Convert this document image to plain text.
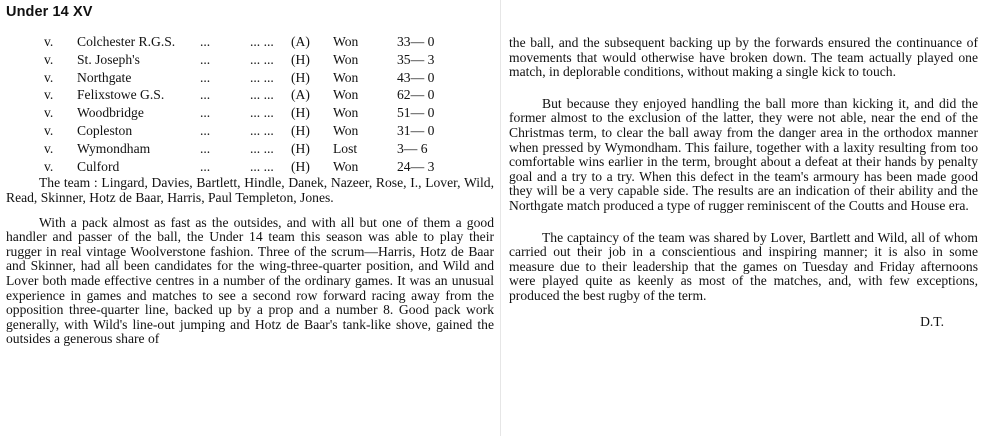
Under 14 XV
v.	Colchester R.G.S.	...	... ...	(A)	Won	33— 0
v.	St. Joseph's	...	... ...	(H)	Won	35— 3
v.	Northgate	...	... ...	(H)	Won	43— 0
v.	Felixstowe G.S.	...	... ...	(A)	Won	62— 0
v.	Woodbridge	...	... ...	(H)	Won	51— 0
v.	Copleston	...	... ...	(H)	Won	31— 0
v.	Wymondham	...	... ...	(H)	Lost	3— 6
v.	Culford	...	... ...	(H)	Won	24— 3

The team : Lingard, Davies, Bartlett, Hindle, Danek, Nazeer, Rose, I., Lover, Wild, Read, Skinner, Hotz de Baar, Harris, Paul Templeton, Jones.

With a pack almost as fast as the outsides, and with all but one of them a good handler and passer of the ball, the Under 14 team this season was able to play their rugger in real vintage Woolverstone fashion. Three of the scrum—Harris, Hotz de Baar and Skinner, had all been candidates for the wing-three-quarter position, and Wild and Lover both made effective centres in a number of the ordinary games. It was an unusual experience in games and matches to see a second row forward racing away from the opposition three-quarter line, backed up by a prop and a number 8. Good pack work generally, with Wild's line-out jumping and Hotz de Baar's tank-like shove, gained the outsides a generous share of

the ball, and the subsequent backing up by the forwards ensured the continuance of movements that would otherwise have broken down. The team actually played one match, in deplorable conditions, without making a single kick to touch.

But because they enjoyed handling the ball more than kicking it, and did the former almost to the exclusion of the latter, they were not able, near the end of the Christmas term, to clear the ball away from the danger area in the orthodox manner when pressed by Wymondham. This failure, together with a laxity resulting from too comfortable wins earlier in the term, brought about a defeat at their hands by penalty goal and a try to a try. When this defect in the team's armoury has been made good they will be a very capable side. The results are an indication of their ability and the Northgate match produced a type of rugger reminiscent of the Coutts and House era.

The captaincy of the team was shared by Lover, Bartlett and Wild, all of whom carried out their job in a conscientious and inspiring manner; it is also in some measure due to their leadership that the games on Tuesday and Friday afternoons were played quite as keenly as most of the matches, and, with few exceptions, produced the best rugby of the term.

D.T.
